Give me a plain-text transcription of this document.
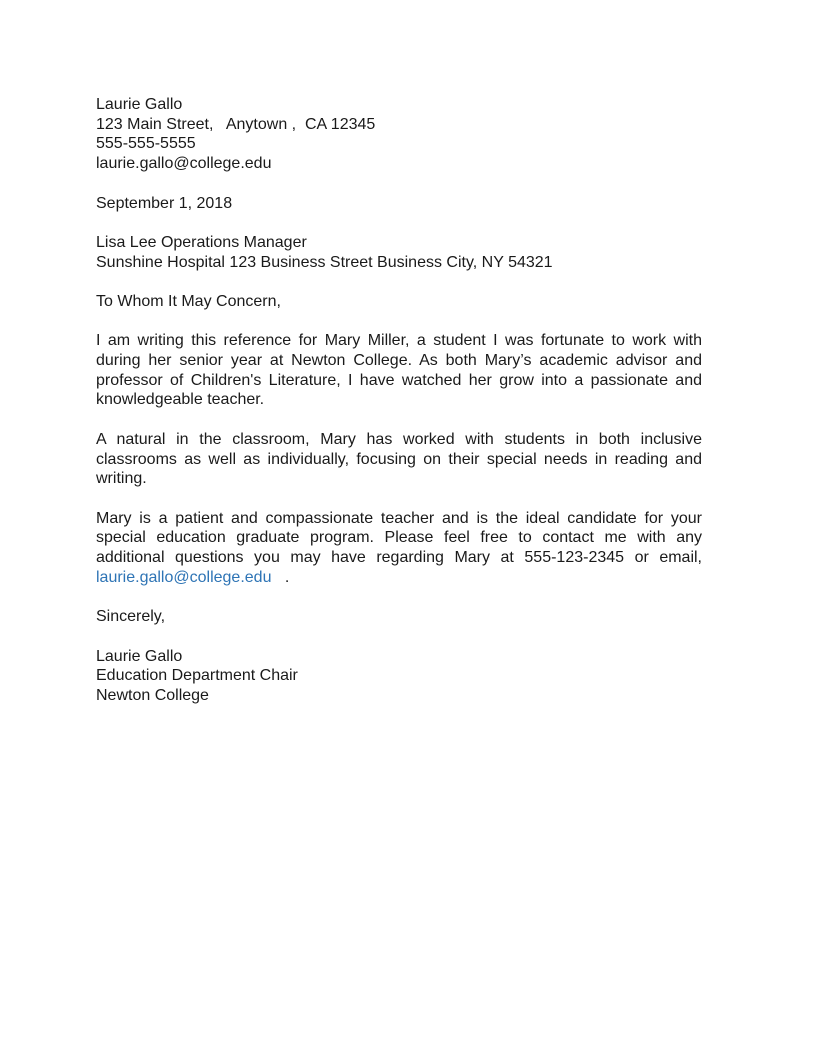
Laurie Gallo
123 Main Street,   Anytown ,  CA 12345
555-555-5555
laurie.gallo@college.edu
September 1, 2018
Lisa Lee Operations Manager
Sunshine Hospital 123 Business Street Business City, NY 54321
To Whom It May Concern,

I am writing this reference for Mary Miller, a student I was fortunate to work with during her senior year at Newton College. As both Mary’s academic advisor and professor of Children's Literature, I have watched her grow into a passionate and knowledgeable teacher.

A natural in the classroom, Mary has worked with students in both inclusive classrooms as well as individually, focusing on their special needs in reading and writing.

Mary is a patient and compassionate teacher and is the ideal candidate for your special education graduate program. Please feel free to contact me with any additional questions you may have regarding Mary at 555-123-2345 or email, laurie.gallo@college.edu .

Sincerely,
Laurie Gallo
Education Department Chair
Newton College
